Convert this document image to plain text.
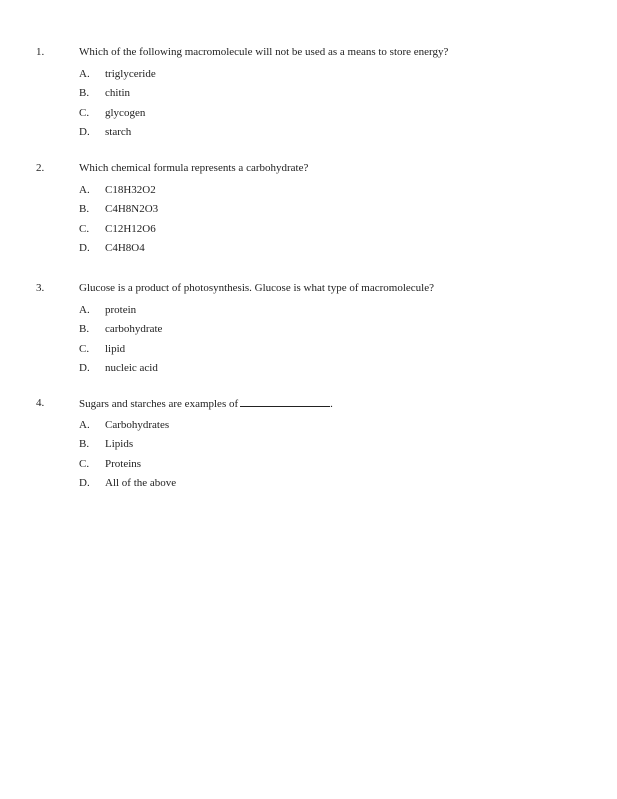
1.	Which of the following macromolecule will not be used as a means to store energy?
A. triglyceride
B. chitin
C. glycogen
D. starch
2.	Which chemical formula represents a carbohydrate?
A. C18H32O2
B. C4H8N2O3
C. C12H12O6
D. C4H8O4
3.	Glucose is a product of photosynthesis. Glucose is what type of macromolecule?
A. protein
B. carbohydrate
C. lipid
D. nucleic acid
4.	Sugars and starches are examples of	.
A. Carbohydrates
B. Lipids
C. Proteins
D. All of the above
